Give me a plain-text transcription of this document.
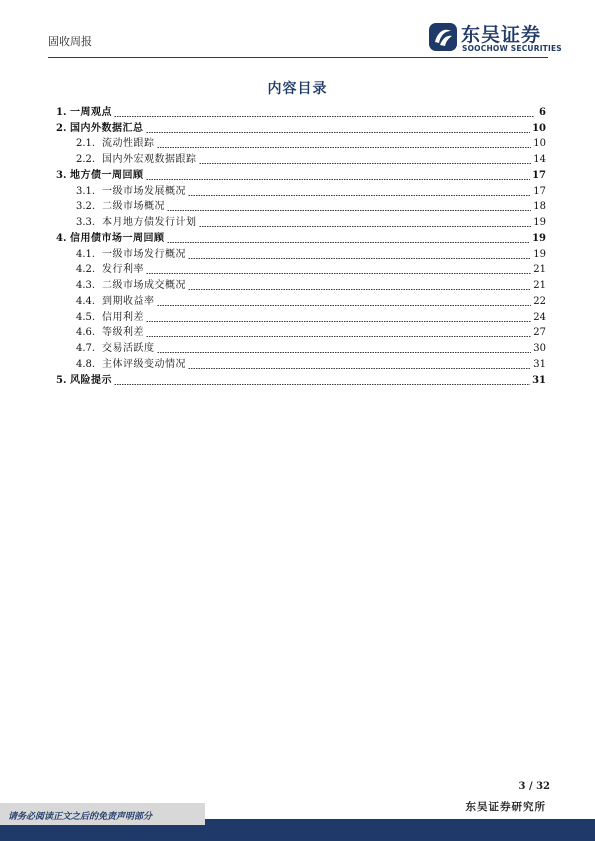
固收周报	东吴证券
SOOCHOW SECURITIES
内容目录
1. 一周观点	6
2. 国内外数据汇总	10
2.1. 流动性跟踪	10
2.2. 国内外宏观数据跟踪	14
3. 地方债一周回顾	17
3.1. 一级市场发展概况	17
3.2. 二级市场概况	18
3.3. 本月地方债发行计划	19
4. 信用债市场一周回顾	19
4.1. 一级市场发行概况	19
4.2. 发行利率	21
4.3. 二级市场成交概况	21
4.4. 到期收益率	22
4.5. 信用利差	24
4.6. 等级利差	27
4.7. 交易活跃度	30
4.8. 主体评级变动情况	31
5. 风险提示	31
3 / 32
东吴证券研究所
请务必阅读正文之后的免责声明部分
